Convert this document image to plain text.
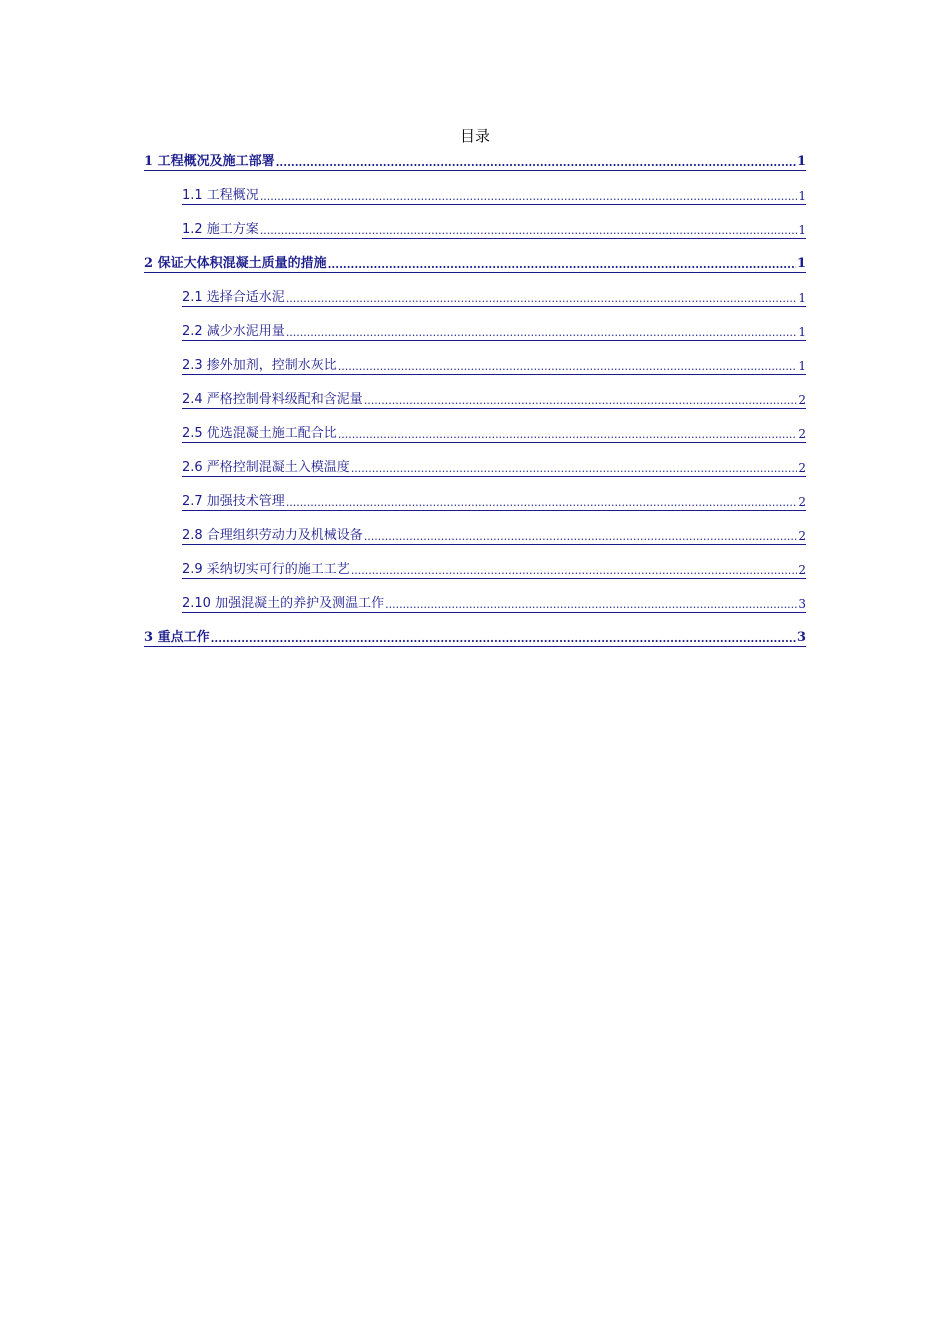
目录
1 工程概况及施工部署 .....	1
1.1 工程概况 .....	1
1.2 施工方案 .....	1
2 保证大体积混凝土质量的措施 .....	1
2.1 选择合适水泥 .....	1
2.2 减少水泥用量 .....	1
2.3 掺外加剂，控制水灰比 .....	1
2.4 严格控制骨料级配和含泥量 .....	2
2.5 优选混凝土施工配合比 .....	2
2.6 严格控制混凝土入模温度 .....	2
2.7 加强技术管理 .....	2
2.8 合理组织劳动力及机械设备 .....	2
2.9 采纳切实可行的施工工艺 .....	2
2.10 加强混凝土的养护及测温工作 .....	3
3 重点工作 .....	3
